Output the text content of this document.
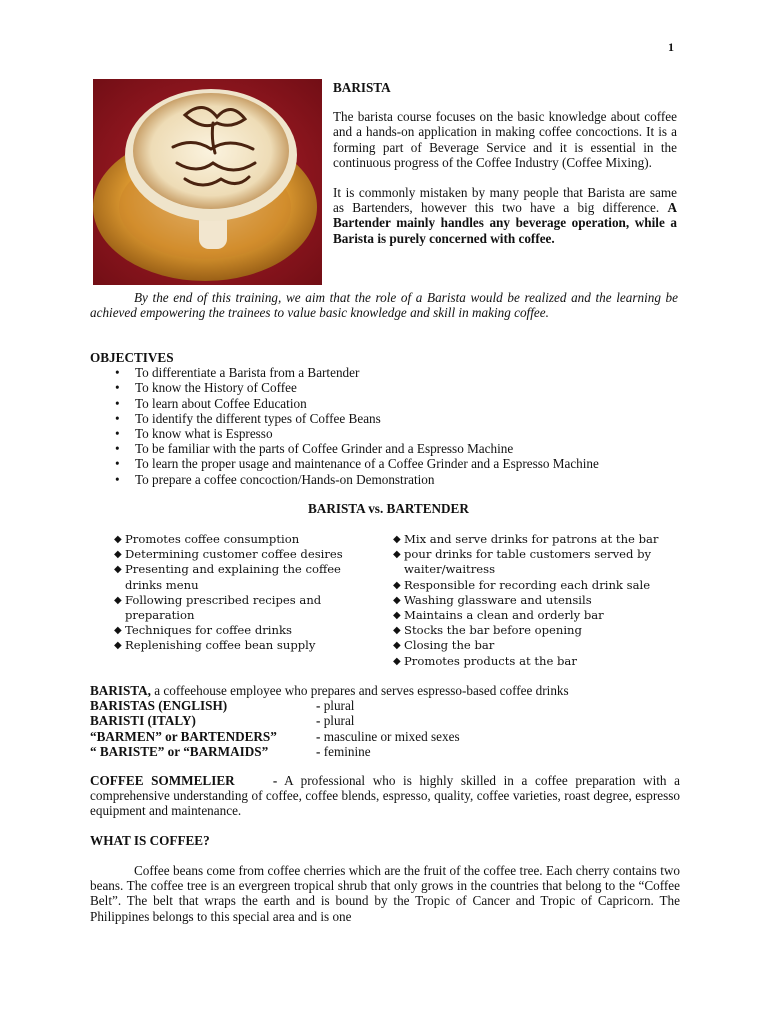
1

BARISTA

The barista course focuses on the basic knowledge about coffee and a hands-on application in making coffee concoctions. It is a forming part of Beverage Service and it is essential in the continuous progress of the Coffee Industry (Coffee Mixing).

It is commonly mistaken by many people that Barista are same as Bartenders, however this two have a big difference. A Bartender mainly handles any beverage operation, while a Barista is purely concerned with coffee.

By the end of this training, we aim that the role of a Barista would be realized and the learning be achieved empowering the trainees to value basic knowledge and skill in making coffee.

OBJECTIVES
• To differentiate a Barista from a Bartender
• To know the History of Coffee
• To learn about Coffee Education
• To identify the different types of Coffee Beans
• To know what is Espresso
• To be familiar with the parts of Coffee Grinder and a Espresso Machine
• To learn the proper usage and maintenance of a Coffee Grinder and a Espresso Machine
• To prepare a coffee concoction/Hands-on Demonstration
BARISTA vs. BARTENDER
◆ Promotes coffee consumption
◆ Determining customer coffee desires
◆ Presenting and explaining the coffee drinks menu
◆ Following prescribed recipes and preparation
◆ Techniques for coffee drinks
◆ Replenishing coffee bean supply
◆ Mix and serve drinks for patrons at the bar
◆ pour drinks for table customers served by waiter/waitress
◆ Responsible for recording each drink sale
◆ Washing glassware and utensils
◆ Maintains a clean and orderly bar
◆ Stocks the bar before opening
◆ Closing the bar
◆ Promotes products at the bar
BARISTA, a coffeehouse employee who prepares and serves espresso-based coffee drinks
BARISTAS (ENGLISH)	- plural
BARISTI (ITALY)	- plural
“BARMEN” or BARTENDERS”	- masculine or mixed sexes
“ BARISTE” or “BARMAIDS”	- feminine

COFFEE SOMMELIER	- A professional who is highly skilled in a coffee preparation with a comprehensive understanding of coffee, coffee blends, espresso, quality, coffee varieties, roast degree, espresso equipment and maintenance.

WHAT IS COFFEE?

Coffee beans come from coffee cherries which are the fruit of the coffee tree. Each cherry contains two beans. The coffee tree is an evergreen tropical shrub that only grows in the countries that belong to the “Coffee Belt”. The belt that wraps the earth and is bound by the Tropic of Cancer and Tropic of Capricorn. The Philippines belongs to this special area and is one
